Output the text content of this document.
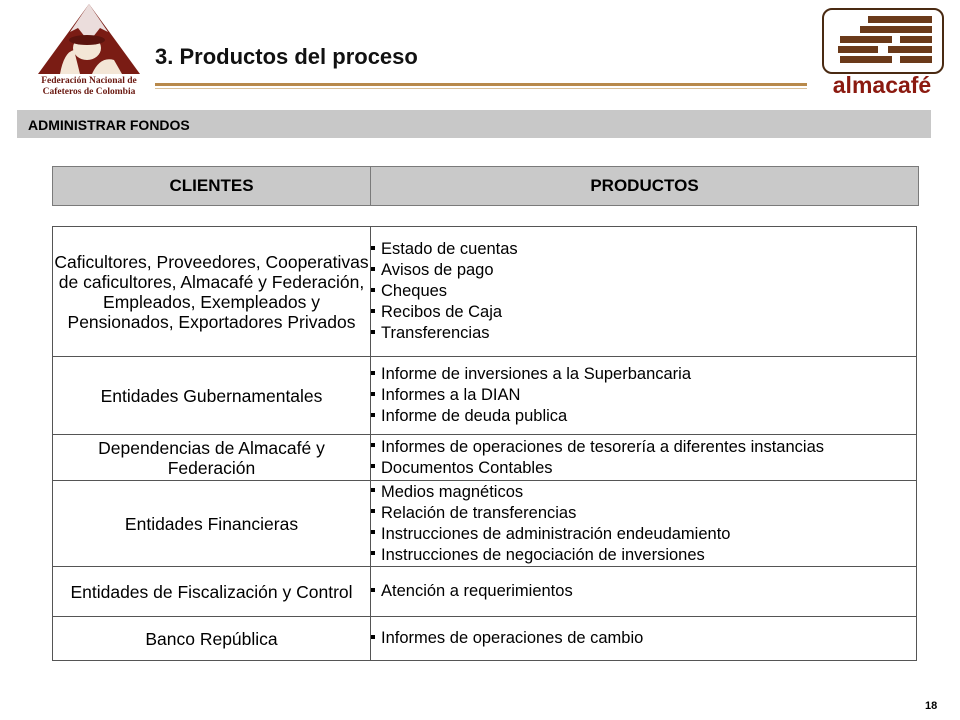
Federación Nacional de Cafeteros de Colombia
3. Productos del proceso
almacafé
ADMINISTRAR FONDOS
CLIENTES	PRODUCTOS
Caficultores, Proveedores, Cooperativas de caficultores, Almacafé y Federación, Empleados, Exempleados y Pensionados, Exportadores Privados	Estado de cuentas
Avisos de pago
Cheques
Recibos de Caja
Transferencias

Entidades Gubernamentales	Informe de inversiones a la Superbancaria
Informes a la DIAN
Informe de deuda publica

Dependencias de Almacafé y Federación	Informes de operaciones de tesorería a diferentes instancias
Documentos Contables

Entidades Financieras	Medios magnéticos
Relación de transferencias
Instrucciones de administración endeudamiento
Instrucciones de negociación de inversiones

Entidades de Fiscalización y Control	Atención a requerimientos

Banco República	Informes de operaciones de cambio
18
